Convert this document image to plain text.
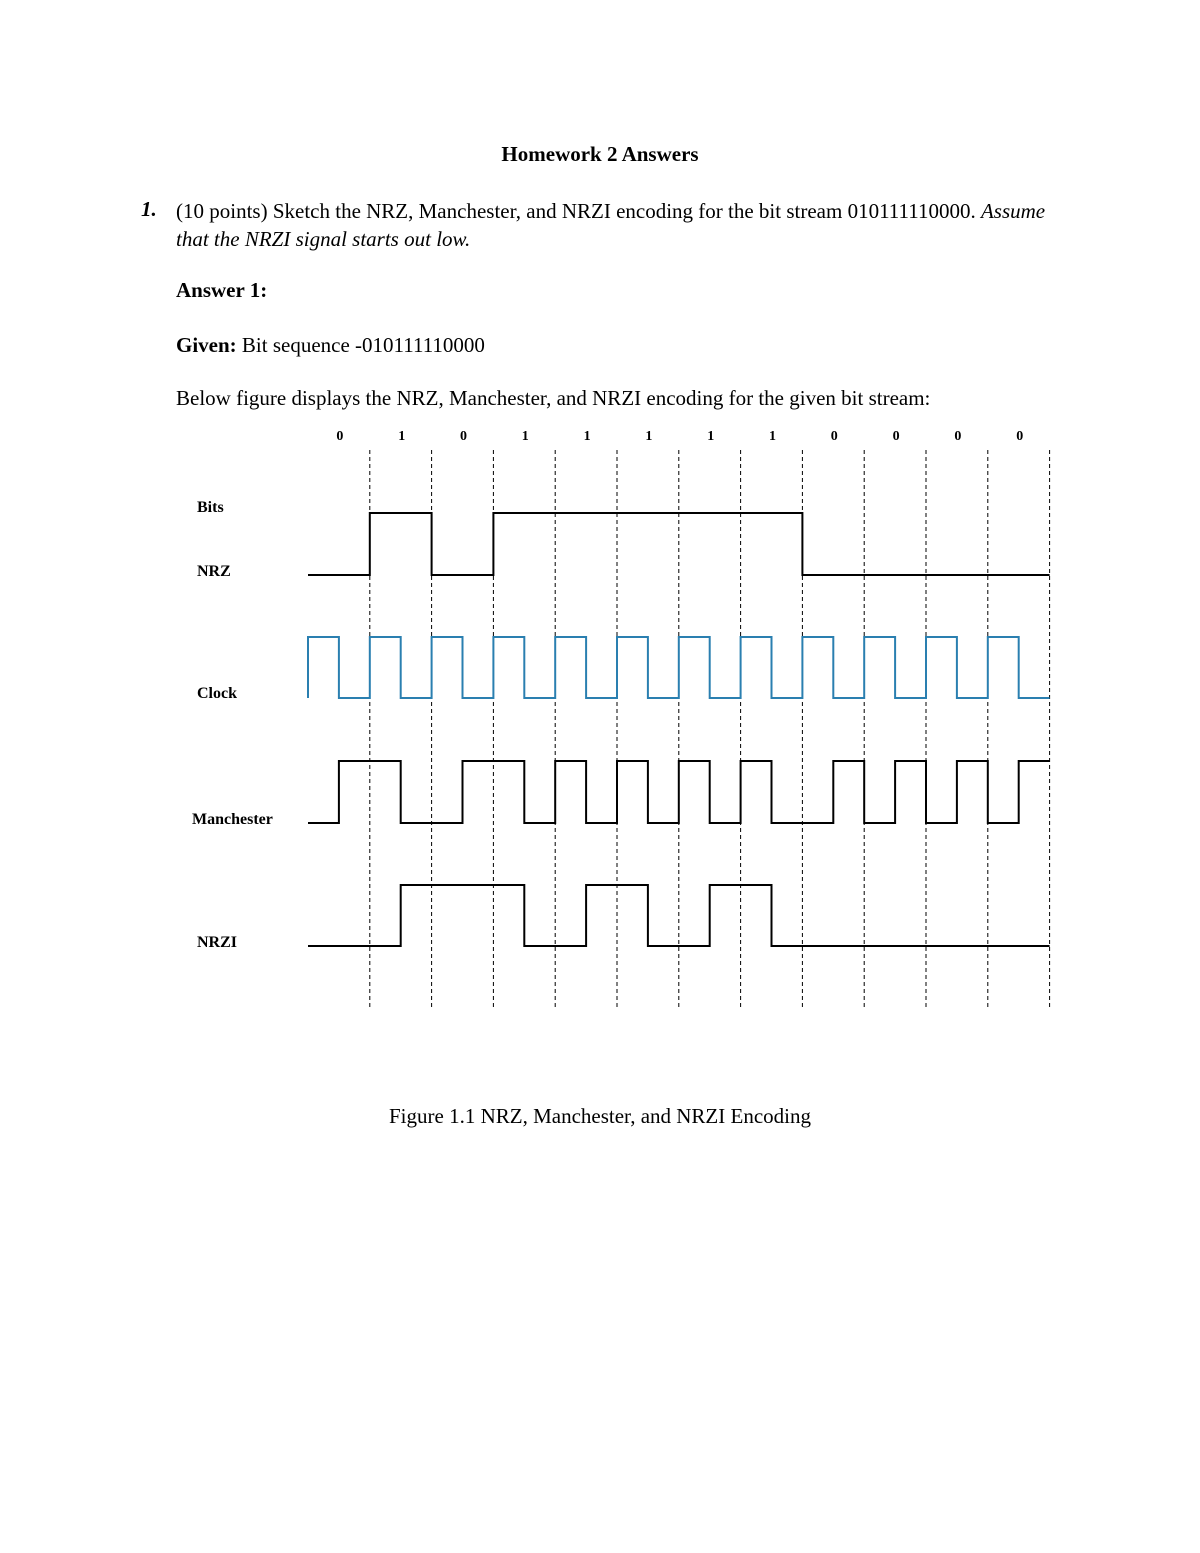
Homework 2 Answers
1. (10 points) Sketch the NRZ, Manchester, and NRZI encoding for the bit stream 010111110000. Assume that the NRZI signal starts out low.
Answer 1:
Given: Bit sequence -010111110000
Below figure displays the NRZ, Manchester, and NRZI encoding for the given bit stream:
0	1	0	1	1	1	1	1	0	0	0	0
Bits
NRZ
Clock
Manchester
NRZI
Figure 1.1 NRZ, Manchester, and NRZI Encoding
